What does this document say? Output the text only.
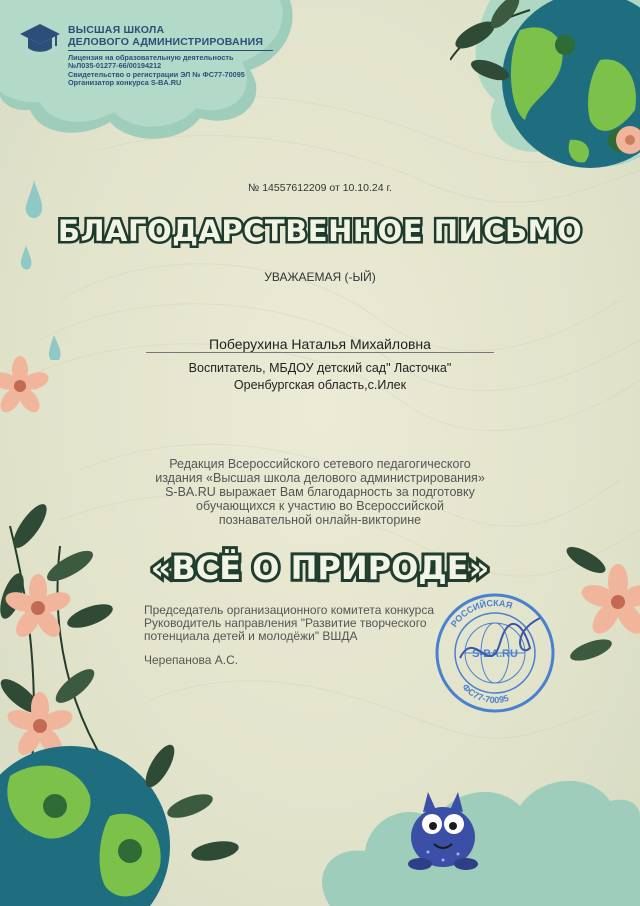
ВЫСШАЯ ШКОЛА
ДЕЛОВОГО АДМИНИСТРИРОВАНИЯ
Лицензия на образовательную деятельность
№Л035-01277-66/00194212
Свидетельство о регистрации ЭЛ № ФС77-70095
Организатор конкурса S-BA.RU
№ 14557612209 от 10.10.24 г.
БЛАГОДАРСТВЕННОЕ ПИСЬМО
УВАЖАЕМАЯ (-ЫЙ)
Поберухина Наталья Михайловна
Воспитатель, МБДОУ детский сад" Ласточка"
Оренбургская область,с.Илек
Редакция Всероссийского сетевого педагогического
издания «Высшая школа делового администрирования»
S-BA.RU выражает Вам благодарность за подготовку
обучающихся к участию во Всероссийской
познавательной онлайн-викторине
«ВСЁ О ПРИРОДЕ»
Председатель организационного комитета конкурса
Руководитель направления "Развитие творческого
потенциала детей и молодёжи" ВШДА
Черепанова А.С.
РОССИЙСКАЯ
ФС77-70095
S-BA.RU
